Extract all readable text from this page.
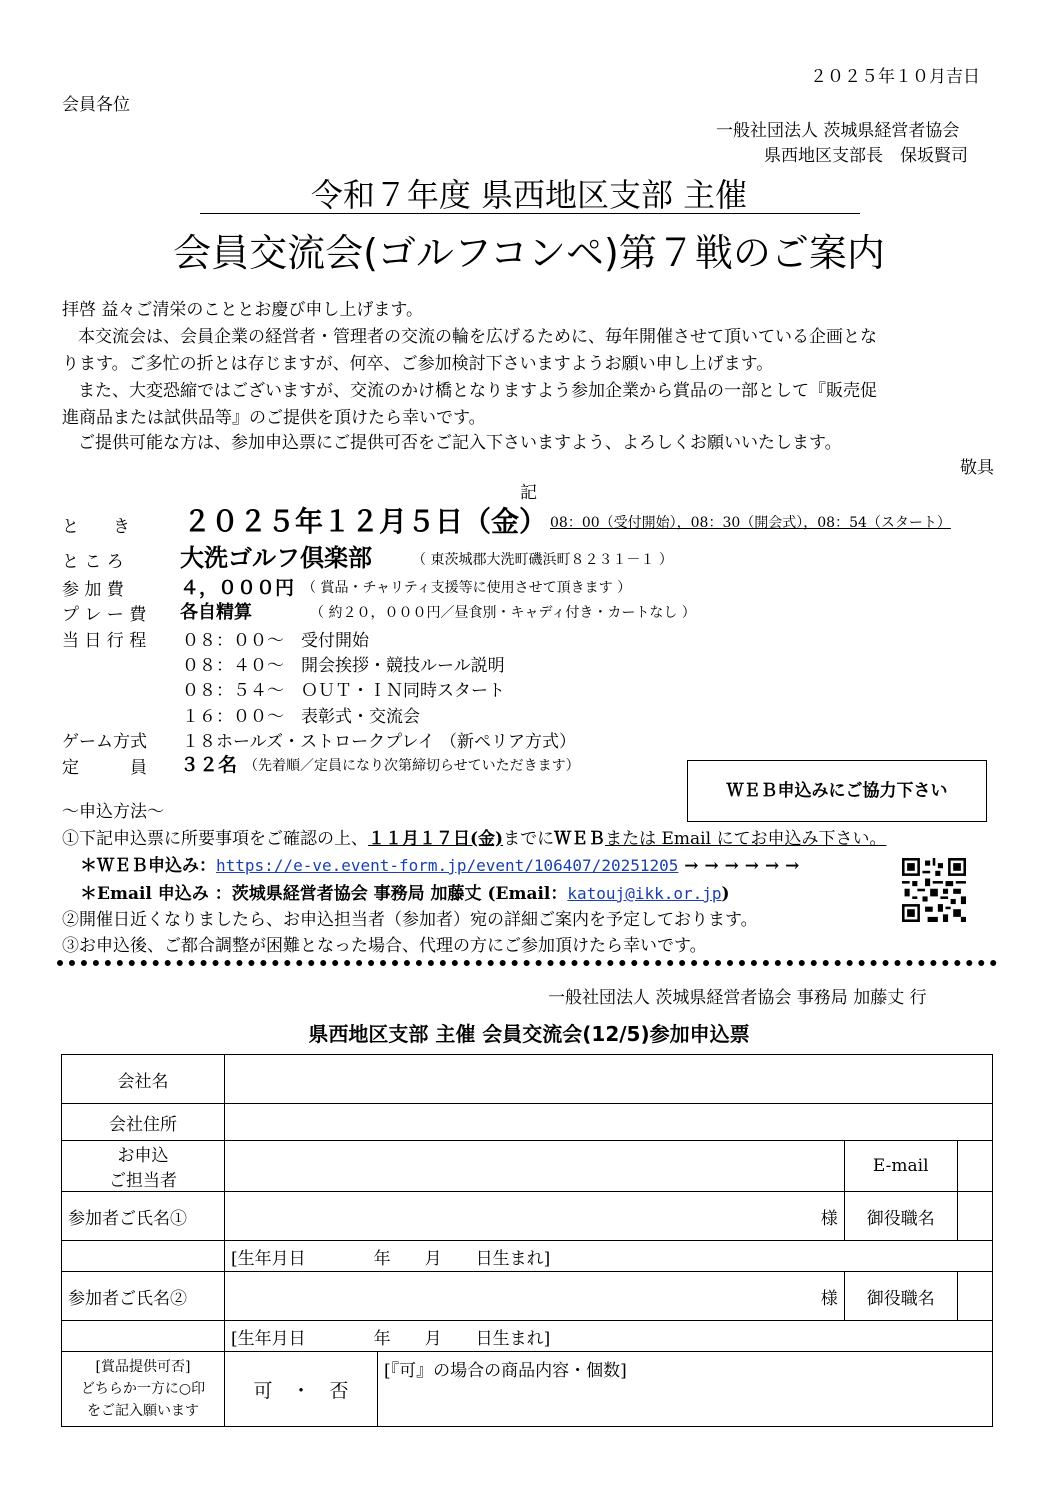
２０２５年１０月吉日
会員各位
一般社団法人 茨城県経営者協会
県西地区支部長　保坂賢司
令和７年度 県西地区支部 主催
会員交流会(ゴルフコンペ)第７戦のご案内
拝啓 益々ご清栄のこととお慶び申し上げます。
本交流会は、会員企業の経営者・管理者の交流の輪を広げるために、毎年開催させて頂いている企画とな
ります。ご多忙の折とは存じますが、何卒、ご参加検討下さいますようお願い申し上げます。
また、大変恐縮ではございますが、交流のかけ橋となりますよう参加企業から賞品の一部として『販売促
進商品または試供品等』のご提供を頂けたら幸いです。
ご提供可能な方は、参加申込票にご提供可否をご記入下さいますよう、よろしくお願いいたします。
敬具
記
と　　き ２０２５年１２月５日（金） 08：00（受付開始），08：30（開会式），08：54（スタート）
と こ ろ 大洗ゴルフ倶楽部	（ 東茨城郡大洗町磯浜町８２３１－１ ）
参 加 費	４，０００円 （ 賞品・チャリティ支援等に使用させて頂きます ）
プ レ ー 費 各自精算	（ 約２０，０００円／昼食別・キャディ付き・カートなし ）
当 日 行 程 ０８：００～　受付開始
０８：４０～　開会挨拶・競技ルール説明
０８：５４～　ＯＵＴ・ＩＮ同時スタート
１６：００～　表彰式・交流会
ゲーム方式 １８ホールズ・ストロークプレイ （新ペリア方式）
定　　　員 ３２名 （先着順／定員になり次第締切らせていただきます）
ＷＥＢ申込みにご協力下さい
～申込方法～
①下記申込票に所要事項をご確認の上、１１月１７日(金)までにＷＥＢまたは Email にてお申込み下さい。
＊ＷＥＢ申込み：https://e-ve.event-form.jp/event/106407/20251205 → → → → → →
＊Email 申込み ：茨城県経営者協会 事務局 加藤丈 (Email：katouj@ikk.or.jp)
②開催日近くなりましたら、お申込担当者（参加者）宛の詳細ご案内を予定しております。
③お申込後、ご都合調整が困難となった場合、代理の方にご参加頂けたら幸いです。
一般社団法人 茨城県経営者協会 事務局 加藤丈 行
県西地区支部 主催 会員交流会(12/5)参加申込票
会社名				
会社住所				

お申込
ご担当者			E-mail	
参加者ご氏名①	様		御役職名	
	[生年月日　　　　年　　月　　日生まれ]			
参加者ご氏名②	様		御役職名	
	[生年月日　　　　年　　月　　日生まれ]			

[賞品提供可否]
どちらか一方に○印
をご記入願います	可　・　否	[『可』の場合の商品内容・個数]		
